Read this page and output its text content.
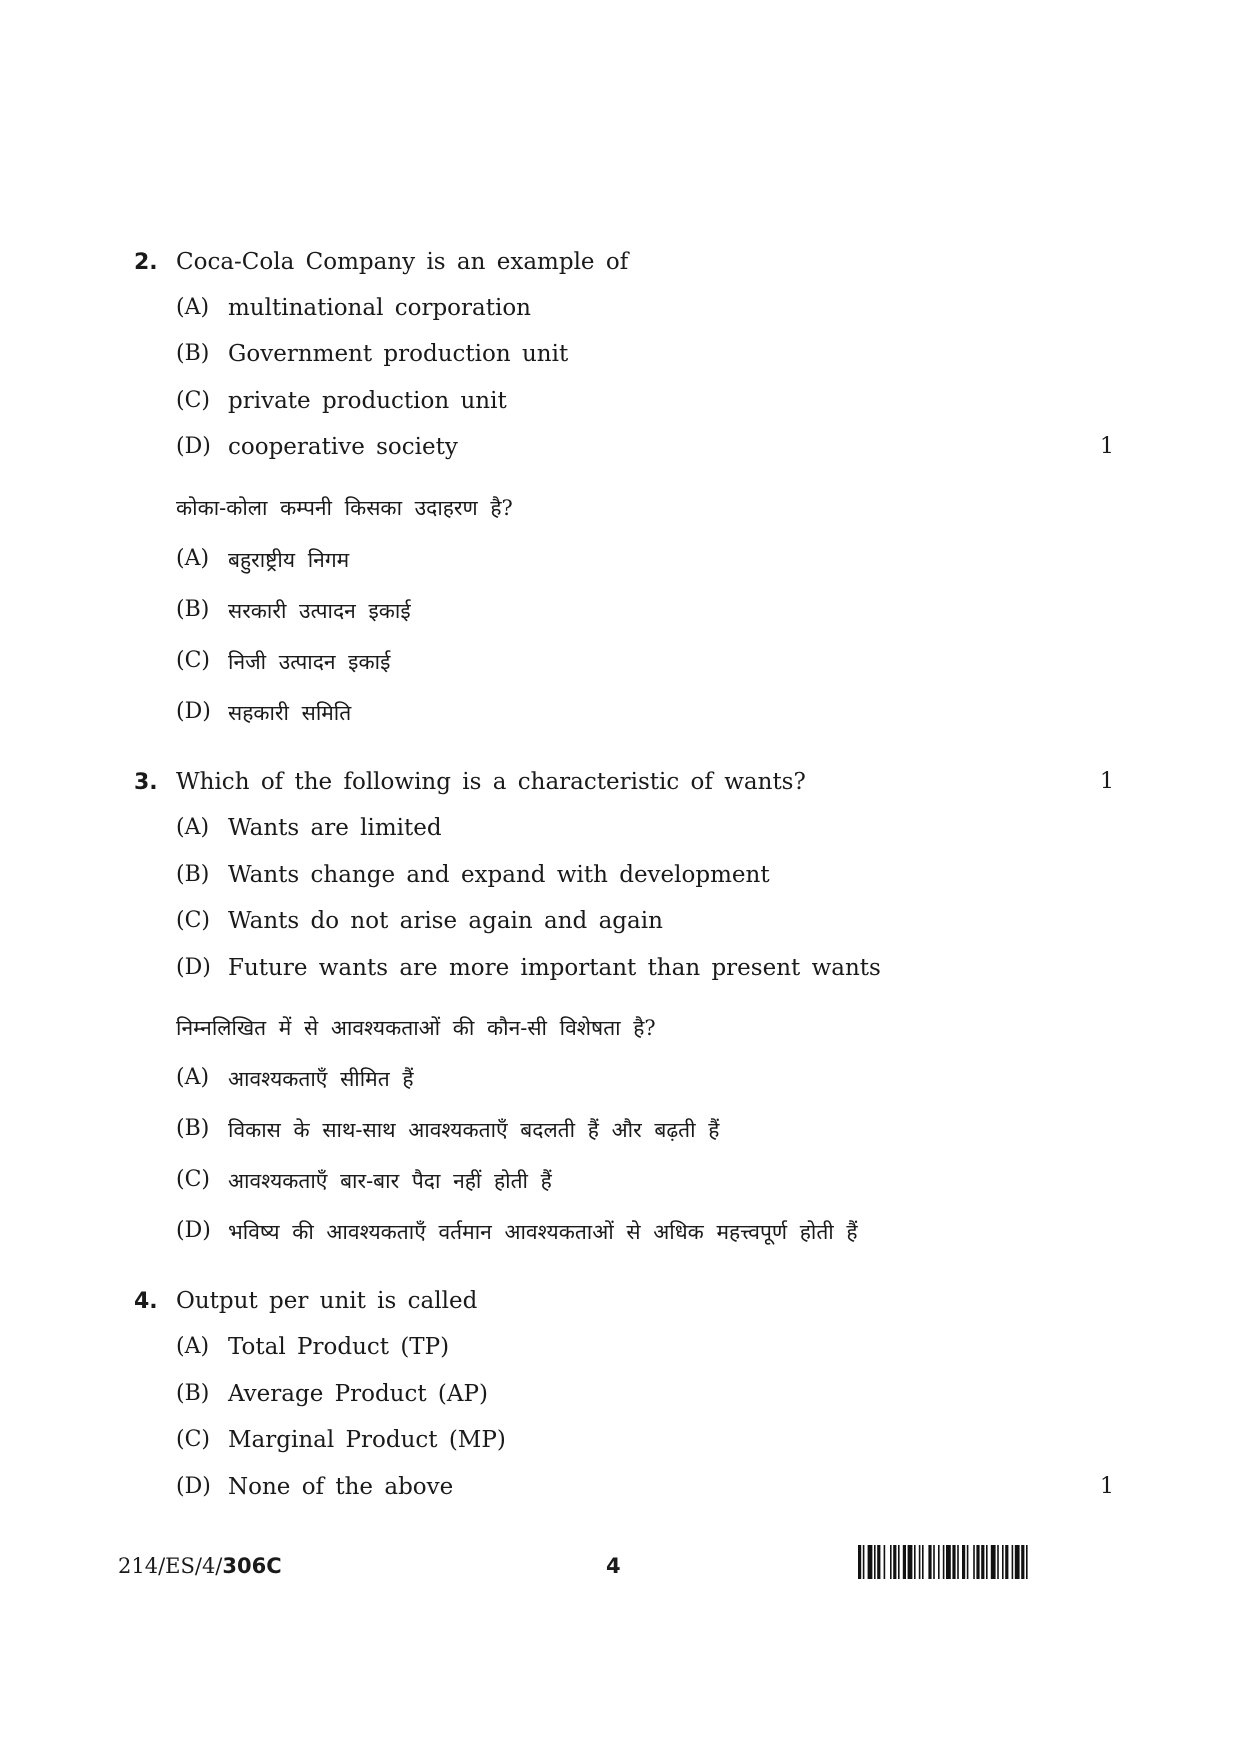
2. Coca-Cola Company is an example of
(A) multinational corporation
(B) Government production unit
(C) private production unit
(D) cooperative society	1
कोका-कोला कम्पनी किसका उदाहरण है?
(A) बहुराष्ट्रीय निगम
(B) सरकारी उत्पादन इकाई
(C) निजी उत्पादन इकाई
(D) सहकारी समिति
3. Which of the following is a characteristic of wants?	1
(A) Wants are limited
(B) Wants change and expand with development
(C) Wants do not arise again and again
(D) Future wants are more important than present wants
निम्नलिखित में से आवश्यकताओं की कौन-सी विशेषता है?
(A) आवश्यकताएँ सीमित हैं
(B) विकास के साथ-साथ आवश्यकताएँ बदलती हैं और बढ़ती हैं
(C) आवश्यकताएँ बार-बार पैदा नहीं होती हैं
(D) भविष्य की आवश्यकताएँ वर्तमान आवश्यकताओं से अधिक महत्त्वपूर्ण होती हैं
4. Output per unit is called
(A) Total Product (TP)
(B) Average Product (AP)
(C) Marginal Product (MP)
(D) None of the above	1
214/ES/4/306C	4
